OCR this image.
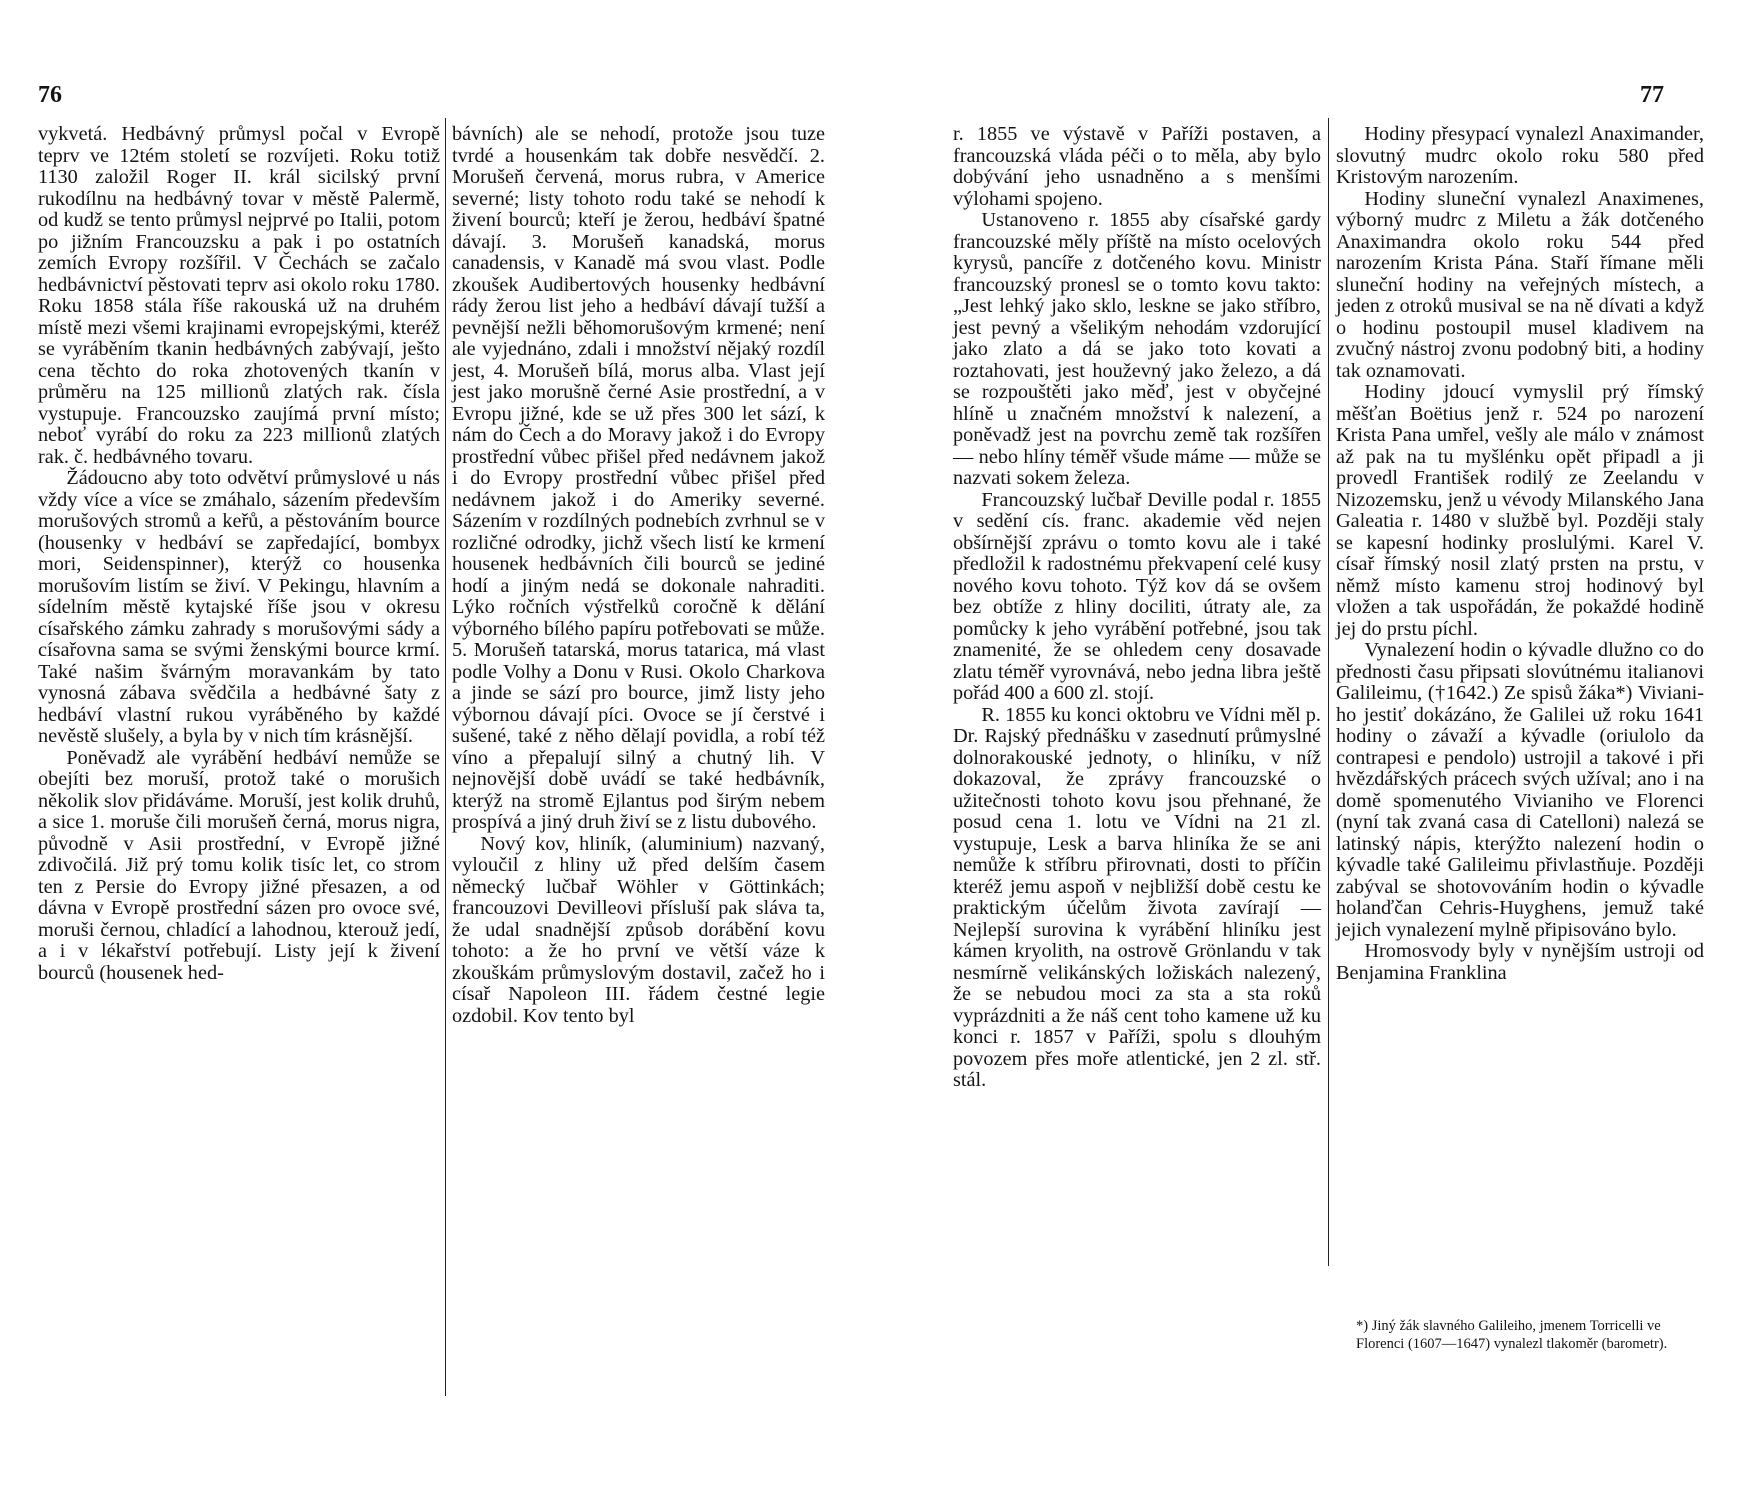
76	77

vykvetá. Hedbávný průmysl počal v Evropě teprv ve 12tém století se rozvíjeti. Roku totiž 1130 založil Roger II. král sicilský první rukodílnu na hedbávný tovar v městě Palermě, od kudž se tento průmysl nejprvé po Italii, potom po jižním Francouzsku a pak i po ostatních zemích Evropy rozšířil. V Čechách se začalo hedbávnictví pěstovati teprv asi okolo roku 1780. Roku 1858 stála říše rakouská už na druhém místě mezi všemi krajinami evropejskými, kteréž se vyráběním tkanin hedbávných zabývají, ješto cena těchto do roka zhotovených tkanín v průměru na 125 millionů zlatých rak. čísla vystupuje. Francouzsko zaujímá první místo; neboť vyrábí do roku za 223 millionů zlatých rak. č. hedbávného tovaru.

Žádoucno aby toto odvětví průmyslové u nás vždy více a více se zmáhalo, sázením především morušových stromů a keřů, a pěstováním bource (housenky v hedbáví se zapředající, bombyx mori, Seidenspinner), kterýž co housenka morušovím listím se živí. V Pekingu, hlavním a sídelním městě kytajské říše jsou v okresu císařského zámku zahrady s morušovými sády a císařovna sama se svými ženskými bource krmí. Také našim švárným moravankám by tato vynosná zábava svědčila a hedbávné šaty z hedbáví vlastní rukou vyráběného by každé nevěstě slušely, a byla by v nich tím krásnější.

Poněvadž ale vyrábění hedbáví nemůže se obejíti bez moruší, protož také o morušich několik slov přidáváme. Moruší, jest kolik druhů, a sice 1. moruše čili morušeň černá, morus nigra, původně v Asii prostřední, v Evropě jižné zdivočilá. Již prý tomu kolik tisíc let, co strom ten z Persie do Evropy jižné přesazen, a od dávna v Evropě prostřední sázen pro ovoce své, moruši černou, chladící a lahodnou, kterouž jedí, a i v lékařství potřebují. Listy její k živení bourců (housenek hed-

bávních) ale se nehodí, protože jsou tuze tvrdé a housenkám tak dobře nesvědčí. 2. Morušeň červená, morus rubra, v Americe severné; listy tohoto rodu také se nehodí k živení bourců; kteří je žerou, hedbáví špatné dávají. 3. Morušeň kanadská, morus canadensis, v Kanadě má svou vlast. Podle zkoušek Audibertových housenky hedbávní rády žerou list jeho a hedbáví dávají tužší a pevnější nežli běhomorušovým krmené; není ale vyjednáno, zdali i množství nějaký rozdíl jest, 4. Morušeň bílá, morus alba. Vlast její jest jako morušně černé Asie prostřední, a v Evropu jižné, kde se už přes 300 let sází, k nám do Čech a do Moravy jakož i do Evropy prostřední vůbec přišel před nedávnem jakož i do Evropy prostřední vůbec přišel před nedávnem jakož i do Ameriky severné. Sázením v rozdílných podnebích zvrhnul se v rozličné odrodky, jichž všech listí ke krmení housenek hedbávních čili bourců se jediné hodí a jiným nedá se dokonale nahraditi. Lýko ročních výstřelků coročně k dělání výborného bílého papíru potřebovati se může. 5. Morušeň tatarská, morus tatarica, má vlast podle Volhy a Donu v Rusi. Okolo Charkova a jinde se sází pro bource, jimž listy jeho výbornou dávají píci. Ovoce se jí čerstvé i sušené, také z něho dělají povidla, a robí též víno a přepalují silný a chutný lih. V nejnovější době uvádí se také hedbávník, kterýž na stromě Ejlantus pod širým nebem prospívá a jiný druh živí se z listu dubového.

Nový kov, hliník, (aluminium) nazvaný, vyloučil z hliny už před delším časem německý lučbař Wöhler v Göttinkách; francouzovi Devilleovi přísluší pak sláva ta, že udal snadnější způsob dorábění kovu tohoto: a že ho první ve větší váze k zkouškám průmyslovým dostavil, začež ho i císař Napoleon III. řádem čestné legie ozdobil. Kov tento byl

r. 1855 ve výstavě v Paříži postaven, a francouzská vláda péči o to měla, aby bylo dobývání jeho usnadněno a s menšími výlohami spojeno.

Ustanoveno r. 1855 aby císařské gardy francouzské měly příště na místo ocelových kyrysů, pancíře z dotčeného kovu. Ministr francouzský pronesl se o tomto kovu takto: „Jest lehký jako sklo, leskne se jako stříbro, jest pevný a všelikým nehodám vzdorující jako zlato a dá se jako toto kovati a roztahovati, jest houževný jako železo, a dá se rozpouštěti jako měď, jest v obyčejné hlíně u značném množství k nalezení, a poněvadž jest na povrchu země tak rozšířen — nebo hlíny téměř všude máme — může se nazvati sokem železa.

Francouzský lučbař Deville podal r. 1855 v sedění cís. franc. akademie věd nejen obšírnější zprávu o tomto kovu ale i také předložil k radostnému překvapení celé kusy nového kovu tohoto. Týž kov dá se ovšem bez obtíže z hliny dociliti, útraty ale, za pomůcky k jeho vyrábění potřebné, jsou tak znamenité, že se ohledem ceny dosavade zlatu téměř vyrovnává, nebo jedna libra ještě pořád 400 a 600 zl. stojí.

R. 1855 ku konci oktobru ve Vídni měl p. Dr. Rajský přednášku v zasednutí průmyslné dolnorakouské jednoty, o hliníku, v níž dokazoval, že zprávy francouzské o užitečnosti tohoto kovu jsou přehnané, že posud cena 1. lotu ve Vídni na 21 zl. vystupuje, Lesk a barva hliníka že se ani nemůže k stříbru přirovnati, dosti to příčin kteréž jemu aspoň v nejbližší době cestu ke praktickým účelům života zavírají — Nejlepší surovina k vyrábění hliníku jest kámen kryolith, na ostrově Grönlandu v tak nesmírně velikánských ložiskách nalezený, že se nebudou moci za sta a sta roků vyprázdniti a že náš cent toho kamene už ku konci r. 1857 v Paříži, spolu s dlouhým povozem přes moře atlentické, jen 2 zl. stř. stál.

Hodiny přesypací vynalezl Anaximander, slovutný mudrc okolo roku 580 před Kristovým narozením.

Hodiny sluneční vynalezl Anaximenes, výborný mudrc z Miletu a žák dotčeného Anaximandra okolo roku 544 před narozením Krista Pána. Staří římane měli sluneční hodiny na veřejných místech, a jeden z otroků musival se na ně dívati a když o hodinu postoupil musel kladivem na zvučný nástroj zvonu podobný biti, a hodiny tak oznamovati.

Hodiny jdoucí vymyslil prý římský měšťan Boëtius jenž r. 524 po narození Krista Pana umřel, vešly ale málo v známost až pak na tu myšlénku opět připadl a ji provedl František rodilý ze Zeelandu v Nizozemsku, jenž u vévody Milanského Jana Galeatia r. 1480 v službě byl. Později staly se kapesní hodinky proslulými. Karel V. císař římský nosil zlatý prsten na prstu, v němž místo kamenu stroj hodinový byl vložen a tak uspořádán, že pokaždé hodině jej do prstu píchl.

Vynalezení hodin o kývadle dlužno co do přednosti času připsati slovútnému italianovi Galileimu, (†1642.) Ze spisů žáka*) Viviani-ho jestiť dokázáno, že Galilei už roku 1641 hodiny o závaží a kývadle (oriulolo da contrapesi e pendolo) ustrojil a takové i při hvězdářských prácech svých užíval; ano i na domě spomenutého Vivianiho ve Florenci (nyní tak zvaná casa di Catelloni) nalezá se latinský nápis, kterýžto nalezení hodin o kývadle také Galileimu přivlastňuje. Později zabýval se shotovováním hodin o kývadle holanďčan Cehris-Huyghens, jemuž také jejich vynalezení mylně připisováno bylo.

Hromosvody byly v nynějším ustroji od Benjamina Franklina

*) Jiný žák slavného Galileiho, jmenem Torricelli ve Florenci (1607—1647) vynalezl tlakoměr (barometr).
